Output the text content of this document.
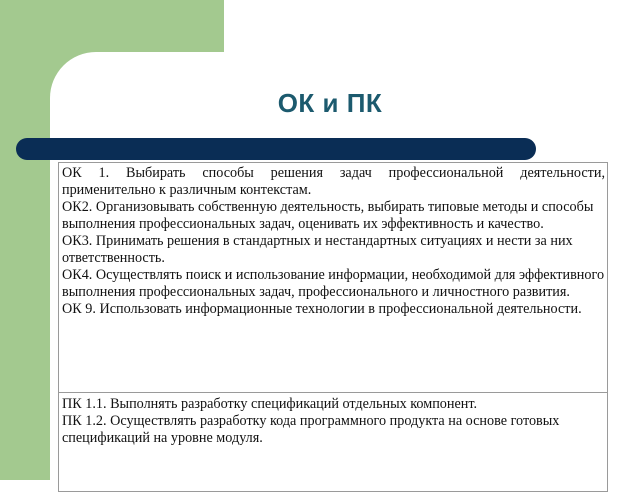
ОК и ПК

ОК 1. Выбирать способы решения задач профессиональной деятельности, применительно к различным контекстам.

ОК2. Организовывать собственную деятельность, выбирать типовые методы и способы выполнения профессиональных задач, оценивать их эффективность и качество.

ОК3. Принимать решения в стандартных и нестандартных ситуациях и нести за них ответственность.

ОК4. Осуществлять поиск и использование информации, необходимой для эффективного выполнения профессиональных задач, профессионального и личностного развития.

ОК 9. Использовать информационные технологии в профессиональной деятельности.

ПК 1.1. Выполнять разработку спецификаций отдельных компонент.

ПК 1.2. Осуществлять разработку кода программного продукта на основе готовых спецификаций на уровне модуля.
